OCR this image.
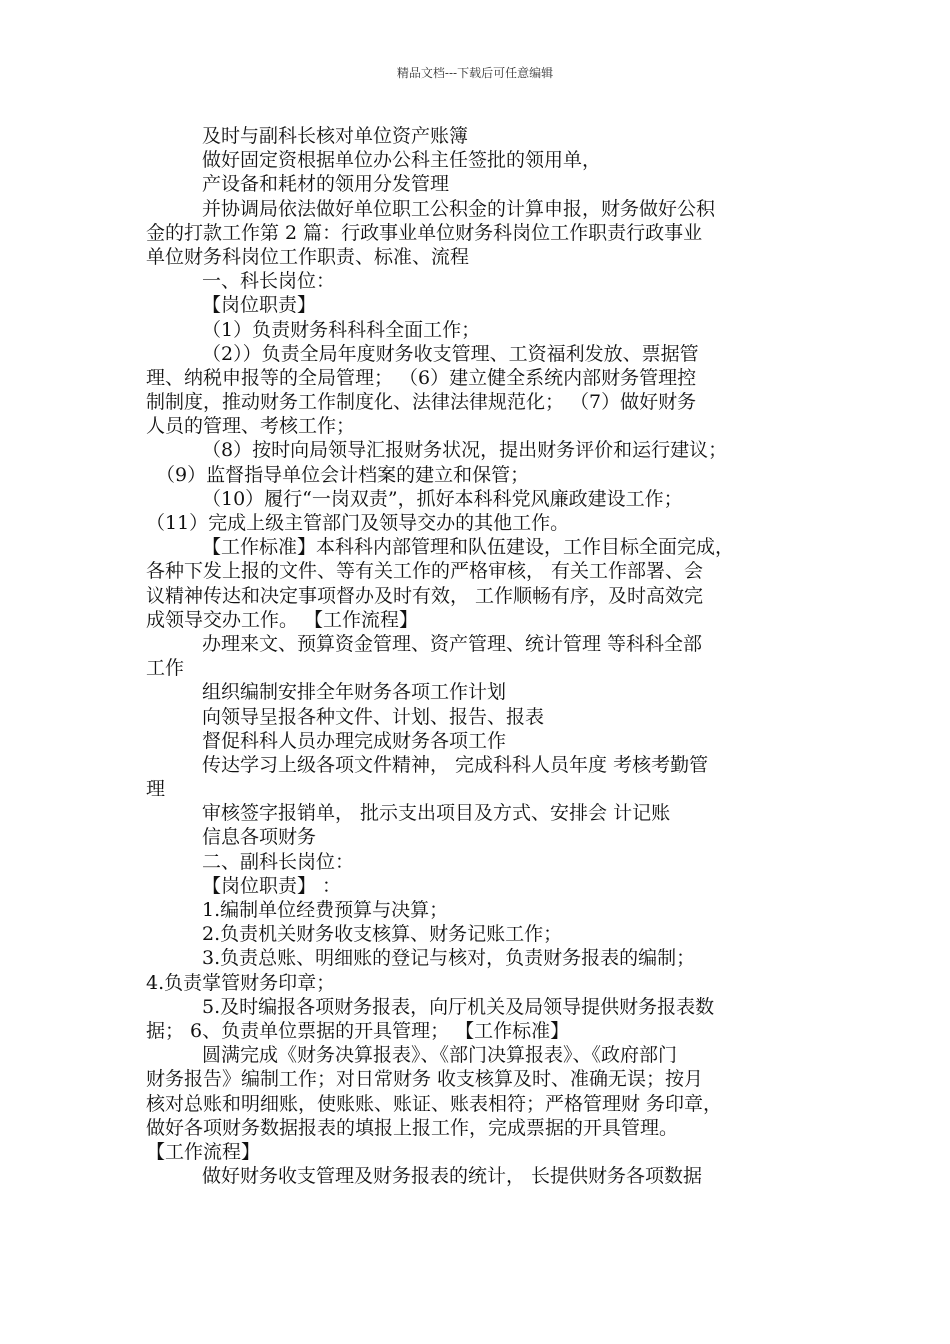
精品文档---下载后可任意编辑
及时与副科长核对单位资产账簿
做好固定资根据单位办公科主任签批的领用单，
产设备和耗材的领用分发管理
并协调局依法做好单位职工公积金的计算申报，财务做好公积
金的打款工作第 2 篇：行政事业单位财务科岗位工作职责行政事业
单位财务科岗位工作职责、标准、流程
一、科长岗位：
【岗位职责】
（1）负责财务科科科全面工作；
（2））负责全局年度财务收支管理、工资福利发放、票据管
理、纳税申报等的全局管理； （6）建立健全系统内部财务管理控
制制度，推动财务工作制度化、法律法律规范化； （7）做好财务
人员的管理、考核工作；
（8）按时向局领导汇报财务状况，提出财务评价和运行建议；
（9）监督指导单位会计档案的建立和保管；
（10）履行“一岗双责”，抓好本科科党风廉政建设工作；
（11）完成上级主管部门及领导交办的其他工作。
【工作标准】本科科内部管理和队伍建设，工作目标全面完成，
各种下发上报的文件、等有关工作的严格审核， 有关工作部署、会
议精神传达和决定事项督办及时有效， 工作顺畅有序，及时高效完
成领导交办工作。 【工作流程】
办理来文、预算资金管理、资产管理、统计管理 等科科全部
工作
组织编制安排全年财务各项工作计划
向领导呈报各种文件、计划、报告、报表
督促科科人员办理完成财务各项工作
传达学习上级各项文件精神， 完成科科人员年度 考核考勤管
理
审核签字报销单， 批示支出项目及方式、安排会 计记账
信息各项财务
二、副科长岗位：
【岗位职责】 ：
1.编制单位经费预算与决算；
2.负责机关财务收支核算、财务记账工作；
3.负责总账、明细账的登记与核对，负责财务报表的编制；
4.负责掌管财务印章；
5.及时编报各项财务报表，向厅机关及局领导提供财务报表数
据； 6、负责单位票据的开具管理； 【工作标准】
圆满完成《财务决算报表》、《部门决算报表》、《政府部门
财务报告》编制工作；对日常财务 收支核算及时、准确无误；按月
核对总账和明细账，使账账、账证、账表相符；严格管理财 务印章，
做好各项财务数据报表的填报上报工作，完成票据的开具管理。
【工作流程】
做好财务收支管理及财务报表的统计， 长提供财务各项数据
